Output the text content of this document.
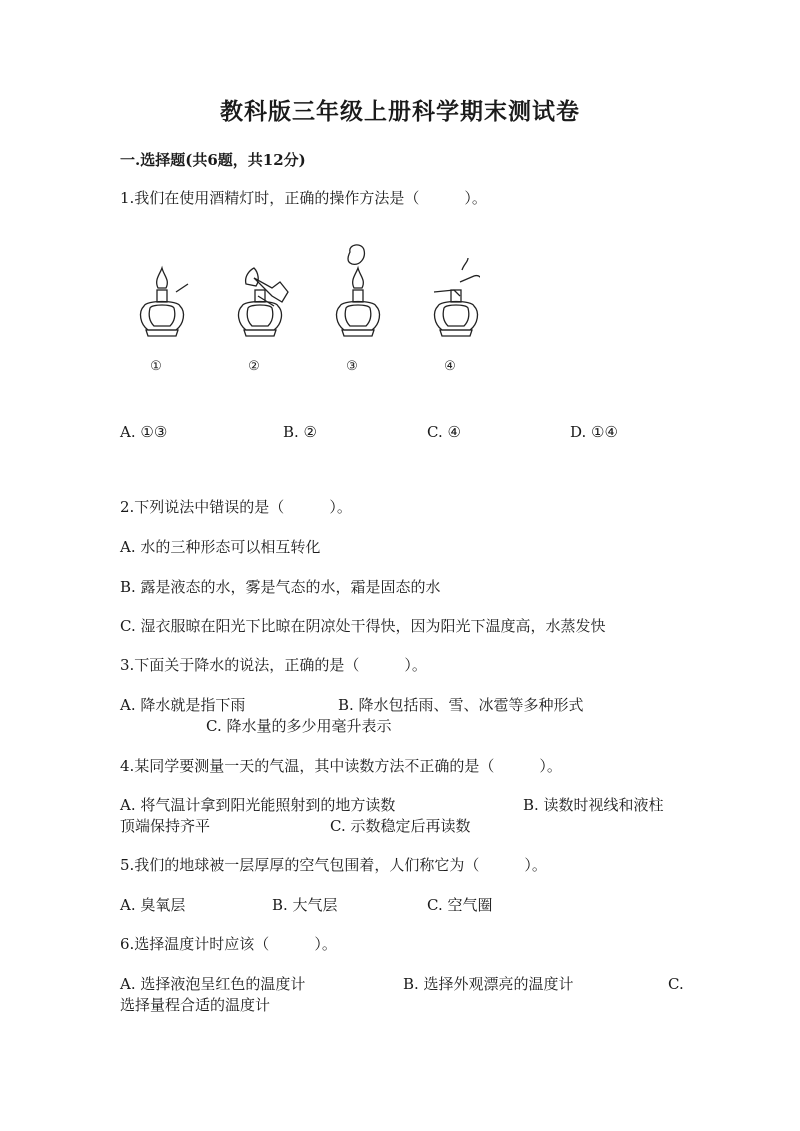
教科版三年级上册科学期末测试卷
一.选择题(共6题，共12分)
1.我们在使用酒精灯时，正确的操作方法是（　　　）。
①	②	③	④
A. ①③	B. ②	C. ④	D. ①④
2.下列说法中错误的是（　　　）。
A. 水的三种形态可以相互转化
B. 露是液态的水，雾是气态的水，霜是固态的水
C. 湿衣服晾在阳光下比晾在阴凉处干得快，因为阳光下温度高，水蒸发快
3.下面关于降水的说法，正确的是（　　　）。
A. 降水就是指下雨	B. 降水包括雨、雪、冰雹等多种形式
C. 降水量的多少用毫升表示
4.某同学要测量一天的气温，其中读数方法不正确的是（　　　）。
A. 将气温计拿到阳光能照射到的地方读数	B. 读数时视线和液柱
顶端保持齐平	C. 示数稳定后再读数
5.我们的地球被一层厚厚的空气包围着，人们称它为（　　　）。
A. 臭氧层	B. 大气层	C. 空气圈
6.选择温度计时应该（　　　）。
A. 选择液泡呈红色的温度计	B. 选择外观漂亮的温度计	C.
选择量程合适的温度计
